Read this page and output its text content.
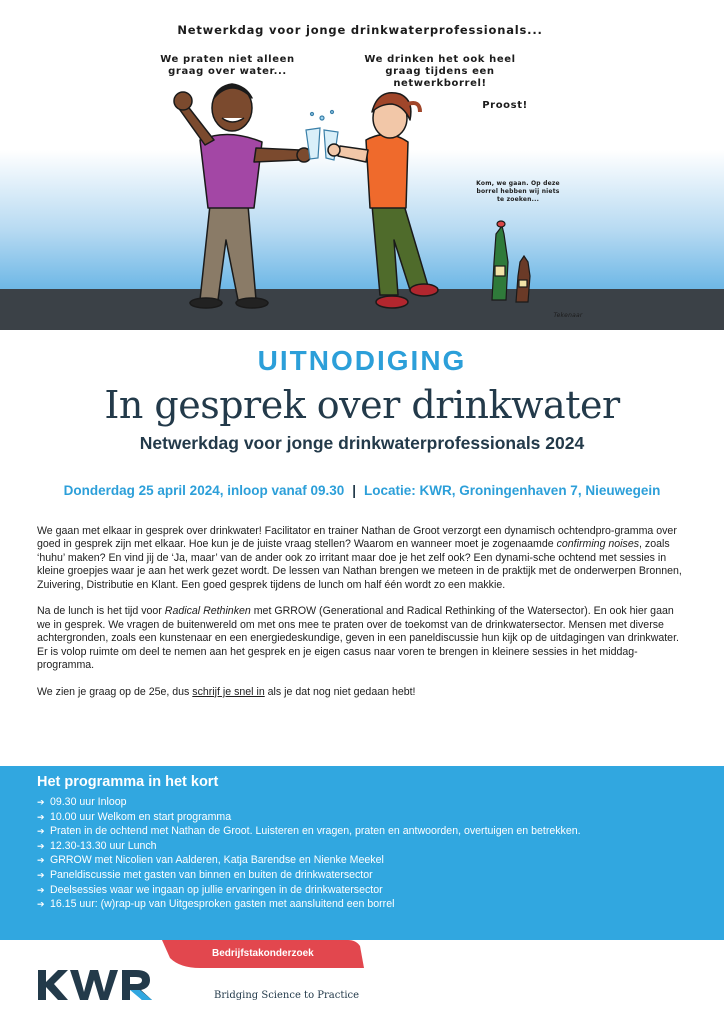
Netwerkdag voor jonge drinkwaterprofessionals...
We praten niet alleen graag over water...
We drinken het ook heel graag tijdens een netwerkborrel!
Proost!
Kom, we gaan. Op deze borrel hebben wij niets te zoeken...
Tekenaar
UITNODIGING
In gesprek over drinkwater
Netwerkdag voor jonge drinkwaterprofessionals 2024
Donderdag 25 april 2024, inloop vanaf 09.30 | Locatie: KWR, Groningenhaven 7, Nieuwegein

We gaan met elkaar in gesprek over drinkwater! Facilitator en trainer Nathan de Groot verzorgt een dynamisch ochtendpro-gramma over goed in gesprek zijn met elkaar. Hoe kun je de juiste vraag stellen? Waarom en wanneer moet je zogenaamde confirming noises, zoals ‘huhu’ maken? En vind jij de ‘Ja, maar’ van de ander ook zo irritant maar doe je het zelf ook? Een dynami-sche ochtend met sessies in kleine groepjes waar je aan het werk gezet wordt. De lessen van Nathan brengen we meteen in de praktijk met de onderwerpen Bronnen, Zuivering, Distributie en Klant. Een goed gesprek tijdens de lunch om half één wordt zo een makkie.

Na de lunch is het tijd voor Radical Rethinken met GRROW (Generational and Radical Rethinking of the Watersector). En ook hier gaan we in gesprek. We vragen de buitenwereld om met ons mee te praten over de toekomst van de drinkwatersector. Mensen met diverse achtergronden, zoals een kunstenaar en een energiedeskundige, geven in een paneldiscussie hun kijk op de uitdagingen van drinkwater.

Er is volop ruimte om deel te nemen aan het gesprek en je eigen casus naar voren te brengen in kleinere sessies in het middag-programma.

We zien je graag op de 25e, dus schrijf je snel in als je dat nog niet gedaan hebt!

Het programma in het kort
➔ 09.30 uur Inloop
➔ 10.00 uur Welkom en start programma
➔ Praten in de ochtend met Nathan de Groot. Luisteren en vragen, praten en antwoorden, overtuigen en betrekken.
➔ 12.30-13.30 uur Lunch
➔ GRROW met Nicolien van Aalderen, Katja Barendse en Nienke Meekel
➔ Paneldiscussie met gasten van binnen en buiten de drinkwatersector
➔ Deelsessies waar we ingaan op jullie ervaringen in de drinkwatersector
➔ 16.15 uur: (w)rap-up van Uitgesproken gasten met aansluitend een borrel
Bedrijfstakonderzoek
Bridging Science to Practice
